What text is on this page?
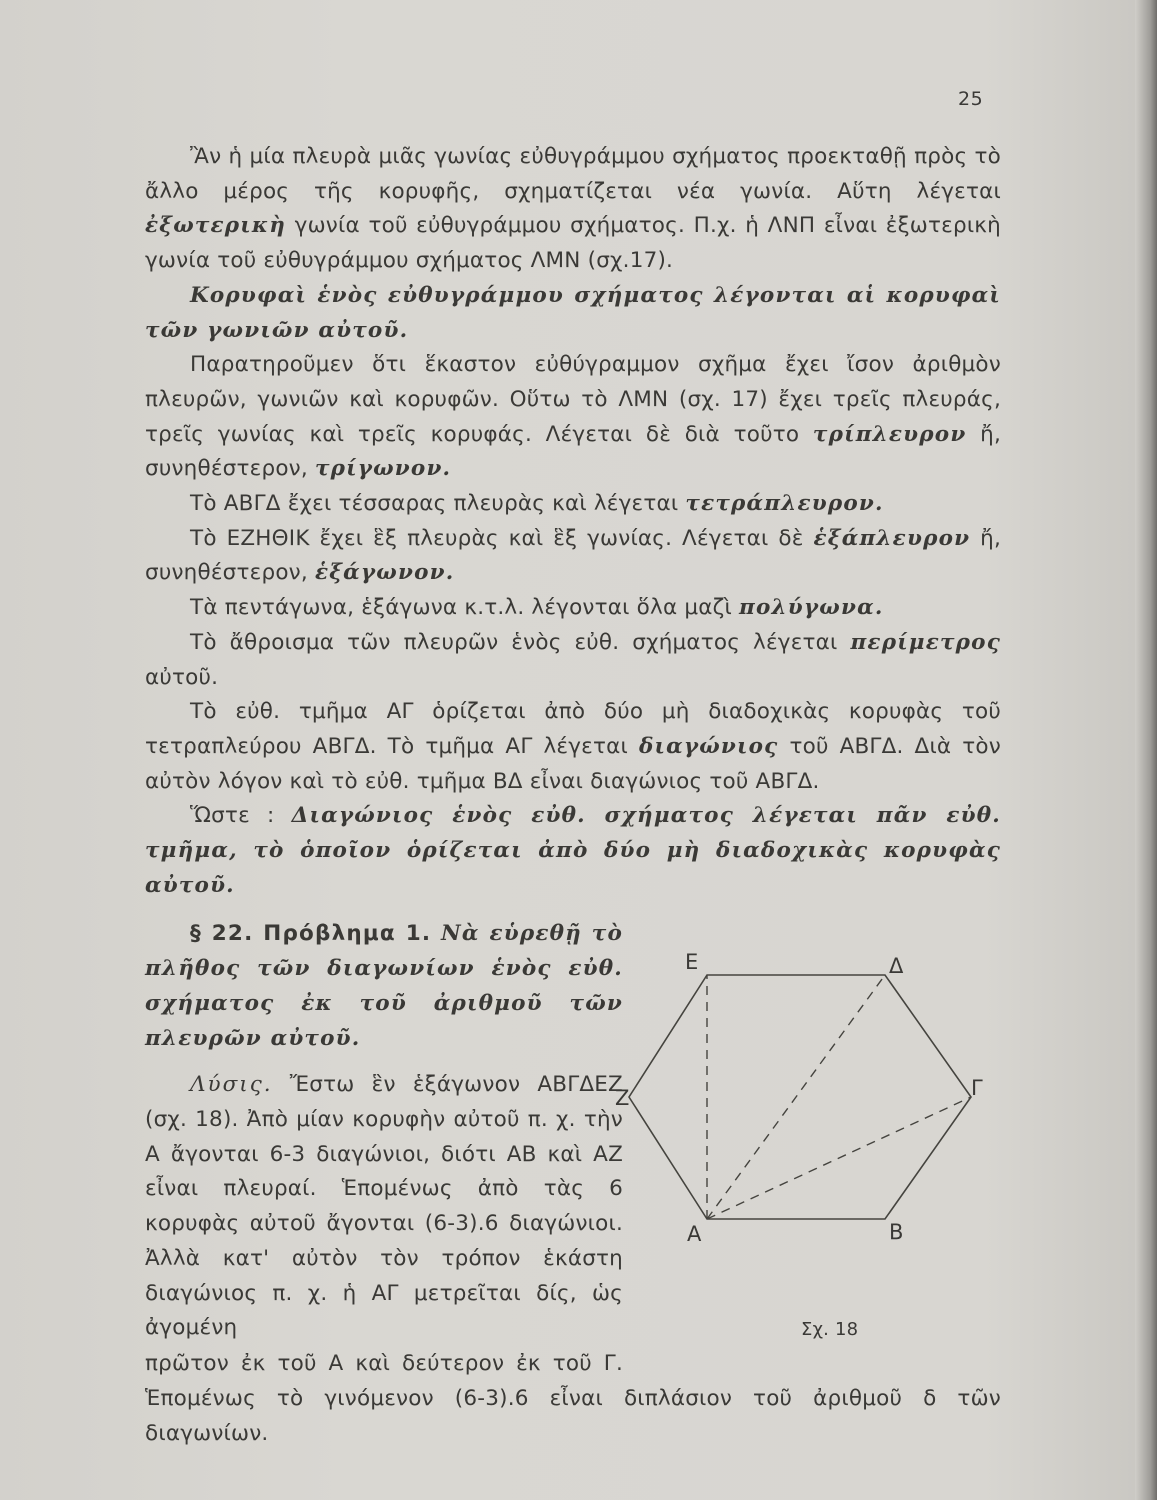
25

Ἂν ἡ μία πλευρὰ μιᾶς γωνίας εὐθυγράμμου σχήματος προεκταθῇ πρὸς τὸ ἄλλο μέρος τῆς κορυφῆς, σχηματίζεται νέα γωνία. Αὕτη λέγεται ἐξωτερικὴ γωνία τοῦ εὐθυγράμμου σχήματος. Π.χ. ἡ ΛΝΠ εἶναι ἐξωτερικὴ γωνία τοῦ εὐθυγράμμου σχήματος ΛΜΝ (σχ.17).

Κορυφαὶ ἑνὸς εὐθυγράμμου σχήματος λέγονται αἱ κορυφαὶ τῶν γωνιῶν αὐτοῦ.

Παρατηροῦμεν ὅτι ἕκαστον εὐθύγραμμον σχῆμα ἔχει ἴσον ἀριθμὸν πλευρῶν, γωνιῶν καὶ κορυφῶν. Οὕτω τὸ ΛΜΝ (σχ. 17) ἔχει τρεῖς πλευράς, τρεῖς γωνίας καὶ τρεῖς κορυφάς. Λέγεται δὲ διὰ τοῦτο τρίπλευρον ἤ, συνηθέστερον, τρίγωνον.

Τὸ ΑΒΓΔ ἔχει τέσσαρας πλευρὰς καὶ λέγεται τετράπλευρον.

Τὸ ΕΖΗΘΙΚ ἔχει ἓξ πλευρὰς καὶ ἓξ γωνίας. Λέγεται δὲ ἑξάπλευρον ἤ, συνηθέστερον, ἑξάγωνον.

Τὰ πεντάγωνα, ἑξάγωνα κ.τ.λ. λέγονται ὅλα μαζὶ πολύγωνα.

Τὸ ἄθροισμα τῶν πλευρῶν ἑνὸς εὐθ. σχήματος λέγεται περίμετρος αὐτοῦ.

Τὸ εὐθ. τμῆμα ΑΓ ὁρίζεται ἀπὸ δύο μὴ διαδοχικὰς κορυφὰς τοῦ τετραπλεύρου ΑΒΓΔ. Τὸ τμῆμα ΑΓ λέγεται διαγώνιος τοῦ ΑΒΓΔ. Διὰ τὸν αὐτὸν λόγον καὶ τὸ εὐθ. τμῆμα ΒΔ εἶναι διαγώνιος τοῦ ΑΒΓΔ.

Ὥστε : Διαγώνιος ἑνὸς εὐθ. σχήματος λέγεται πᾶν εὐθ. τμῆμα, τὸ ὁποῖον ὁρίζεται ἀπὸ δύο μὴ διαδοχικὰς κορυφὰς αὐτοῦ.

Ε	Δ
Ζ	Γ
Α	Β
Σχ. 18

§ 22. Πρόβλημα 1. Νὰ εὑρεθῇ τὸ πλῆθος τῶν διαγωνίων ἑνὸς εὐθ. σχήματος ἐκ τοῦ ἀριθμοῦ τῶν πλευρῶν αὐτοῦ.

Λύσις. Ἔστω ἓν ἑξάγωνον ΑΒΓΔΕΖ (σχ. 18). Ἀπὸ μίαν κορυφὴν αὐτοῦ π. χ. τὴν Α ἄγονται 6-3 διαγώνιοι, διότι ΑΒ καὶ ΑΖ εἶναι πλευραί. Ἑπομένως ἀπὸ τὰς 6 κορυφὰς αὐτοῦ ἄγονται (6-3).6 διαγώνιοι. Ἀλλὰ κατ' αὐτὸν τὸν τρόπον ἑκάστη διαγώνιος π. χ. ἡ ΑΓ μετρεῖται δίς, ὡς ἀγομένη

πρῶτον ἐκ τοῦ Α καὶ δεύτερον ἐκ τοῦ Γ. Ἑπομένως τὸ γινόμενον (6-3).6 εἶναι διπλάσιον τοῦ ἀριθμοῦ δ τῶν διαγωνίων.
